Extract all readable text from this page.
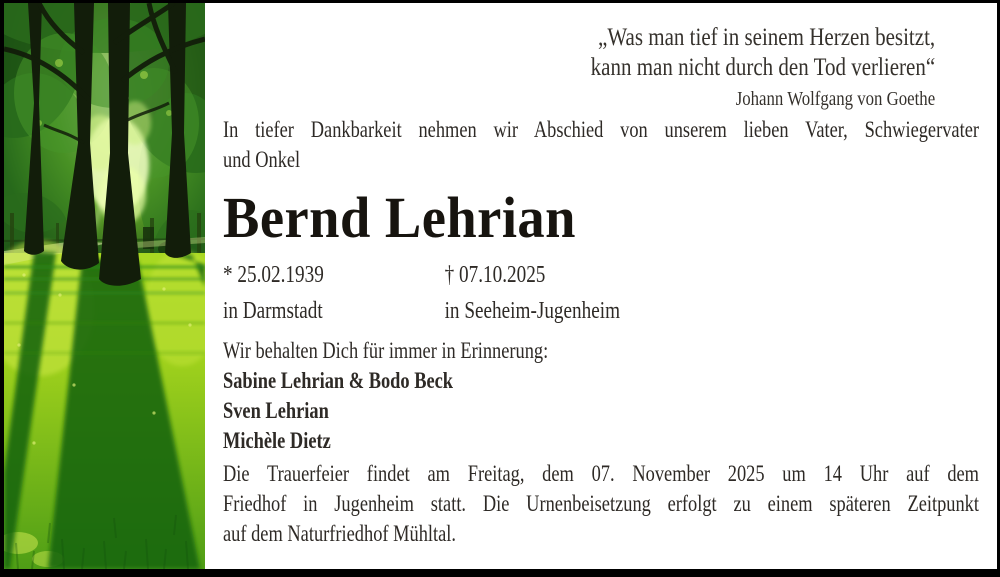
„Was man tief in seinem Herzen besitzt,
kann man nicht durch den Tod verlieren“
Johann Wolfgang von Goethe
In tiefer Dankbarkeit nehmen wir Abschied von unserem lieben Vater, Schwiegervater
und Onkel
Bernd Lehrian
* 25.02.1939
in Darmstadt
† 07.10.2025
in Seeheim-Jugenheim
Wir behalten Dich für immer in Erinnerung:
Sabine Lehrian & Bodo Beck
Sven Lehrian
Michèle Dietz
Die Trauerfeier findet am Freitag, dem 07. November 2025 um 14 Uhr auf dem
Friedhof in Jugenheim statt. Die Urnenbeisetzung erfolgt zu einem späteren Zeitpunkt
auf dem Naturfriedhof Mühltal.
